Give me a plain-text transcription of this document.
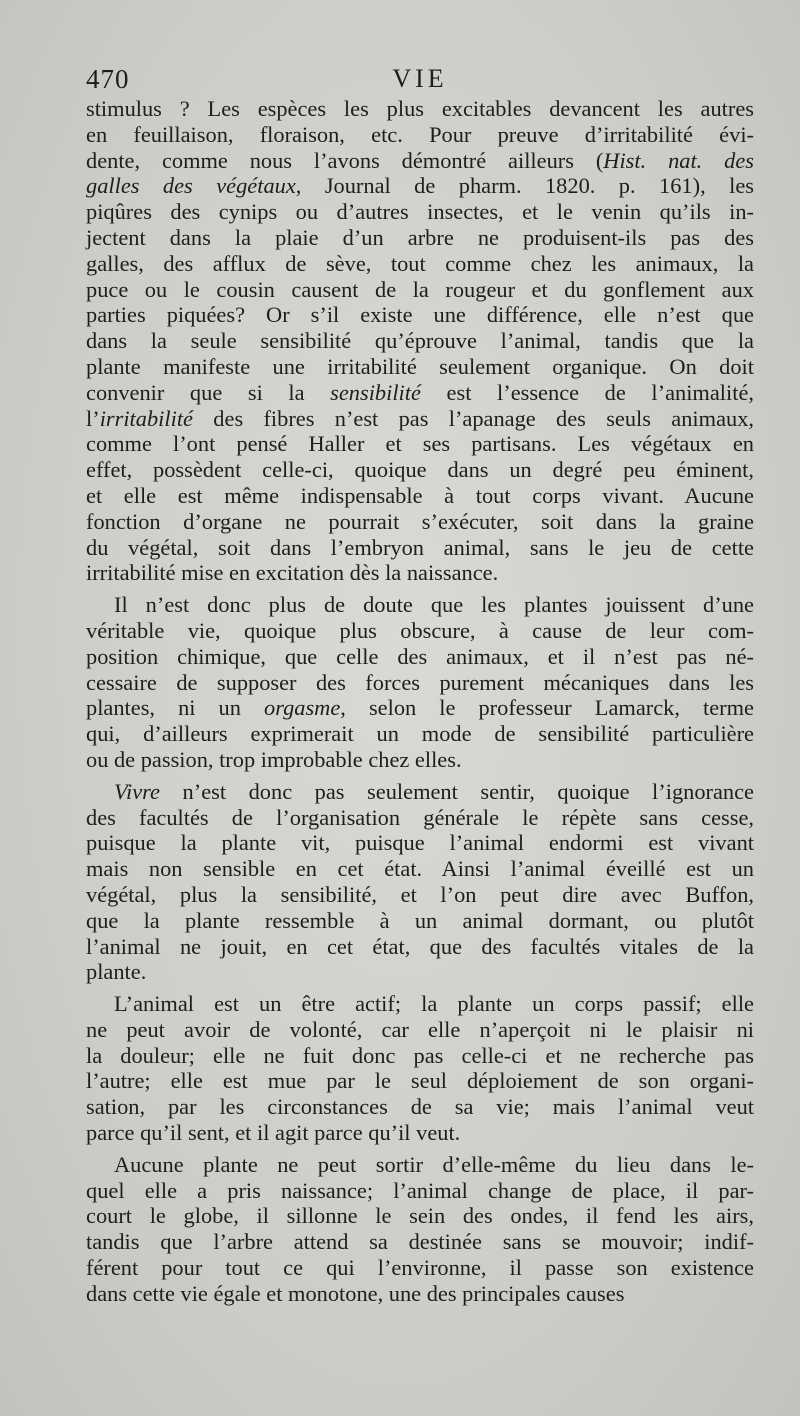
470	VIE
stimulus ? Les espèces les plus excitables devancent les autres
en feuillaison, floraison, etc. Pour preuve d’irritabilité évi-
dente, comme nous l’avons démontré ailleurs (Hist. nat. des
galles des végétaux, Journal de pharm. 1820. p. 161), les
piqûres des cynips ou d’autres insectes, et le venin qu’ils in-
jectent dans la plaie d’un arbre ne produisent-ils pas des
galles, des afflux de sève, tout comme chez les animaux, la
puce ou le cousin causent de la rougeur et du gonflement aux
parties piquées? Or s’il existe une différence, elle n’est que
dans la seule sensibilité qu’éprouve l’animal, tandis que la
plante manifeste une irritabilité seulement organique. On doit
convenir que si la sensibilité est l’essence de l’animalité,
l’irritabilité des fibres n’est pas l’apanage des seuls animaux,
comme l’ont pensé Haller et ses partisans. Les végétaux en
effet, possèdent celle-ci, quoique dans un degré peu éminent,
et elle est même indispensable à tout corps vivant. Aucune
fonction d’organe ne pourrait s’exécuter, soit dans la graine
du végétal, soit dans l’embryon animal, sans le jeu de cette
irritabilité mise en excitation dès la naissance.
Il n’est donc plus de doute que les plantes jouissent d’une
véritable vie, quoique plus obscure, à cause de leur com-
position chimique, que celle des animaux, et il n’est pas né-
cessaire de supposer des forces purement mécaniques dans les
plantes, ni un orgasme, selon le professeur Lamarck, terme
qui, d’ailleurs exprimerait un mode de sensibilité particulière
ou de passion, trop improbable chez elles.
Vivre n’est donc pas seulement sentir, quoique l’ignorance
des facultés de l’organisation générale le répète sans cesse,
puisque la plante vit, puisque l’animal endormi est vivant
mais non sensible en cet état. Ainsi l’animal éveillé est un
végétal, plus la sensibilité, et l’on peut dire avec Buffon,
que la plante ressemble à un animal dormant, ou plutôt
l’animal ne jouit, en cet état, que des facultés vitales de la
plante.
L’animal est un être actif; la plante un corps passif; elle
ne peut avoir de volonté, car elle n’aperçoit ni le plaisir ni
la douleur; elle ne fuit donc pas celle-ci et ne recherche pas
l’autre; elle est mue par le seul déploiement de son organi-
sation, par les circonstances de sa vie; mais l’animal veut
parce qu’il sent, et il agit parce qu’il veut.
Aucune plante ne peut sortir d’elle-même du lieu dans le-
quel elle a pris naissance; l’animal change de place, il par-
court le globe, il sillonne le sein des ondes, il fend les airs,
tandis que l’arbre attend sa destinée sans se mouvoir; indif-
férent pour tout ce qui l’environne, il passe son existence
dans cette vie égale et monotone, une des principales causes
